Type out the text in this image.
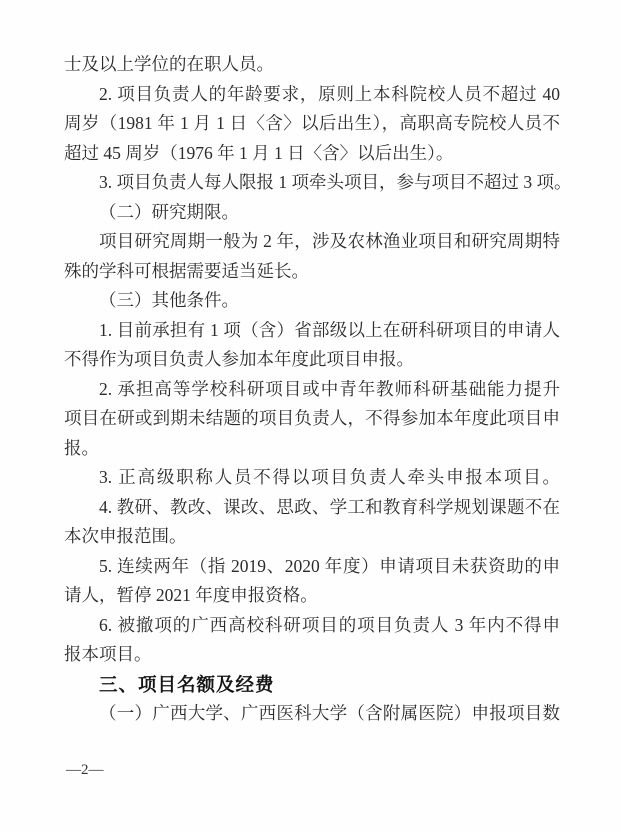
士及以上学位的在职人员。
2. 项目负责人的年龄要求，原则上本科院校人员不超过 40
周岁（1981 年 1 月 1 日〈含〉以后出生），高职高专院校人员不
超过 45 周岁（1976 年 1 月 1 日〈含〉以后出生）。
3. 项目负责人每人限报 1 项牵头项目，参与项目不超过 3 项。
（二）研究期限。
项目研究周期一般为 2 年，涉及农林渔业项目和研究周期特
殊的学科可根据需要适当延长。
（三）其他条件。
1. 目前承担有 1 项（含）省部级以上在研科研项目的申请人
不得作为项目负责人参加本年度此项目申报。
2. 承担高等学校科研项目或中青年教师科研基础能力提升
项目在研或到期未结题的项目负责人，不得参加本年度此项目申
报。
3. 正高级职称人员不得以项目负责人牵头申报本项目。
4. 教研、教改、课改、思政、学工和教育科学规划课题不在
本次申报范围。
5. 连续两年（指 2019、2020 年度）申请项目未获资助的申
请人，暂停 2021 年度申报资格。
6. 被撤项的广西高校科研项目的项目负责人 3 年内不得申
报本项目。
三、项目名额及经费
（一）广西大学、广西医科大学（含附属医院）申报项目数
—2—
